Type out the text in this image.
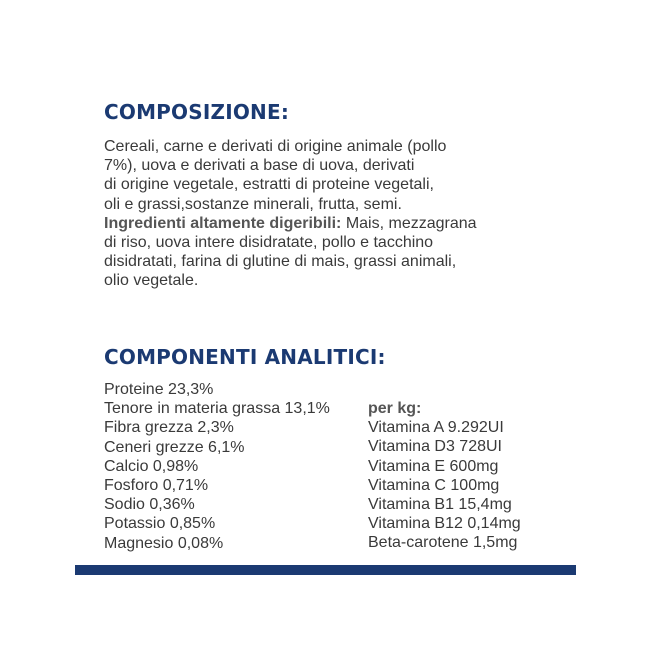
COMPOSIZIONE:

Cereali, carne e derivati di origine animale (pollo
7%), uova e derivati a base di uova, derivati
di origine vegetale, estratti di proteine vegetali,
oli e grassi,sostanze minerali, frutta, semi.
Ingredienti altamente digeribili: Mais, mezzagrana
di riso, uova intere disidratate, pollo e tacchino
disidratati, farina di glutine di mais, grassi animali,
olio vegetale.

COMPONENTI ANALITICI:
Proteine 23,3%
Tenore in materia grassa 13,1%
Fibra grezza 2,3%
Ceneri grezze 6,1%
Calcio 0,98%
Fosforo 0,71%
Sodio 0,36%
Potassio 0,85%
Magnesio 0,08%
per kg:
Vitamina A 9.292UI
Vitamina D3 728UI
Vitamina E 600mg
Vitamina C 100mg
Vitamina B1 15,4mg
Vitamina B12 0,14mg
Beta-carotene 1,5mg
